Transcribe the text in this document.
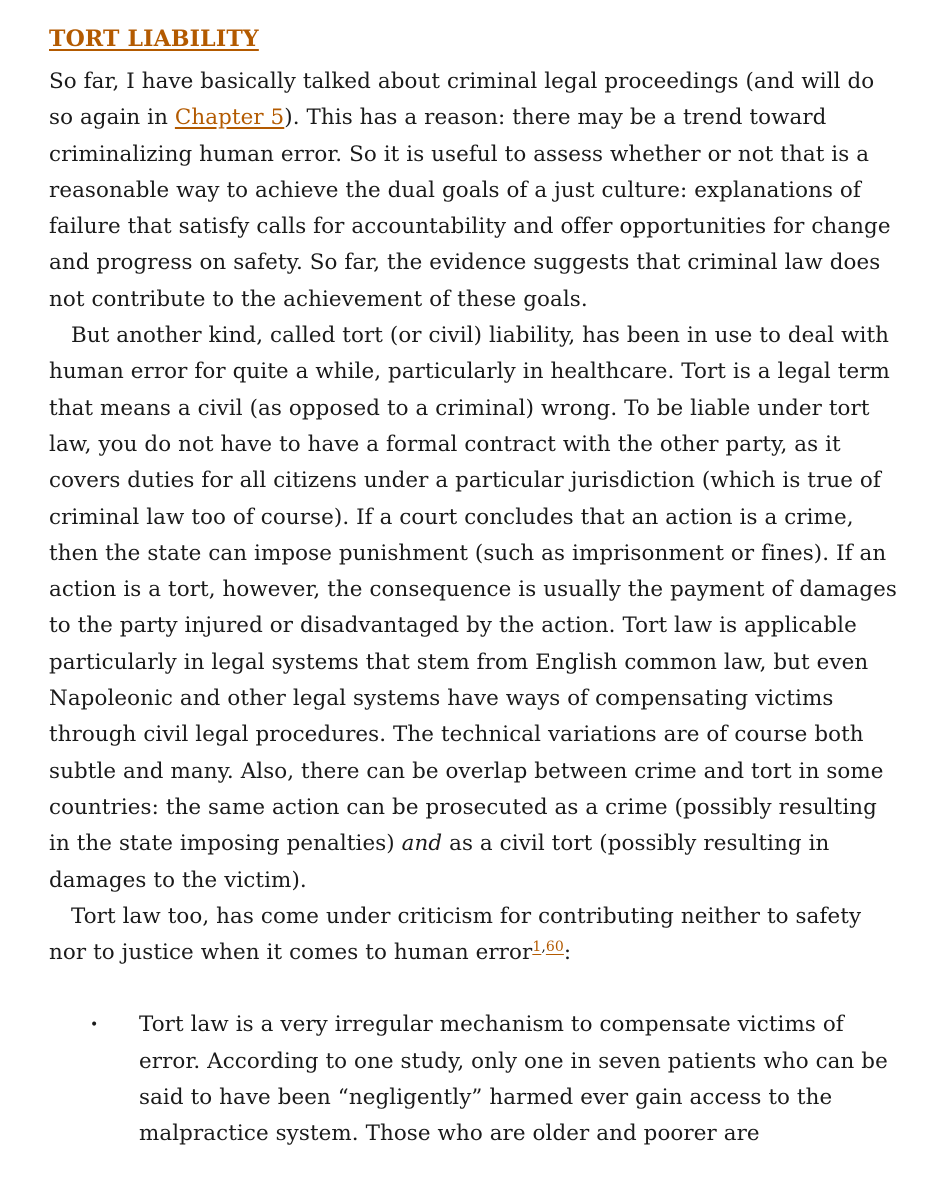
TORT LIABILITY

So far, I have basically talked about criminal legal proceedings (and will do so again in Chapter 5). This has a reason: there may be a trend toward criminalizing human error. So it is useful to assess whether or not that is a reasonable way to achieve the dual goals of a just culture: explanations of failure that satisfy calls for accountability and offer opportunities for change and progress on safety. So far, the evidence suggests that criminal law does not contribute to the achievement of these goals.

But another kind, called tort (or civil) liability, has been in use to deal with human error for quite a while, particularly in healthcare. Tort is a legal term that means a civil (as opposed to a criminal) wrong. To be liable under tort law, you do not have to have a formal contract with the other party, as it covers duties for all citizens under a particular jurisdiction (which is true of criminal law too of course). If a court concludes that an action is a crime, then the state can impose punishment (such as imprisonment or fines). If an action is a tort, however, the consequence is usually the payment of damages to the party injured or disadvantaged by the action. Tort law is applicable particularly in legal systems that stem from English common law, but even Napoleonic and other legal systems have ways of compensating victims through civil legal procedures. The technical variations are of course both subtle and many. Also, there can be overlap between crime and tort in some countries: the same action can be prosecuted as a crime (possibly resulting in the state imposing penalties) and as a civil tort (possibly resulting in damages to the victim).

Tort law too, has come under criticism for contributing neither to safety nor to justice when it comes to human error$^{1,60}$:

• Tort law is a very irregular mechanism to compensate victims of error. According to one study, only one in seven patients who can be said to have been “negligently” harmed ever gain access to the malpractice system. Those who are older and poorer are
